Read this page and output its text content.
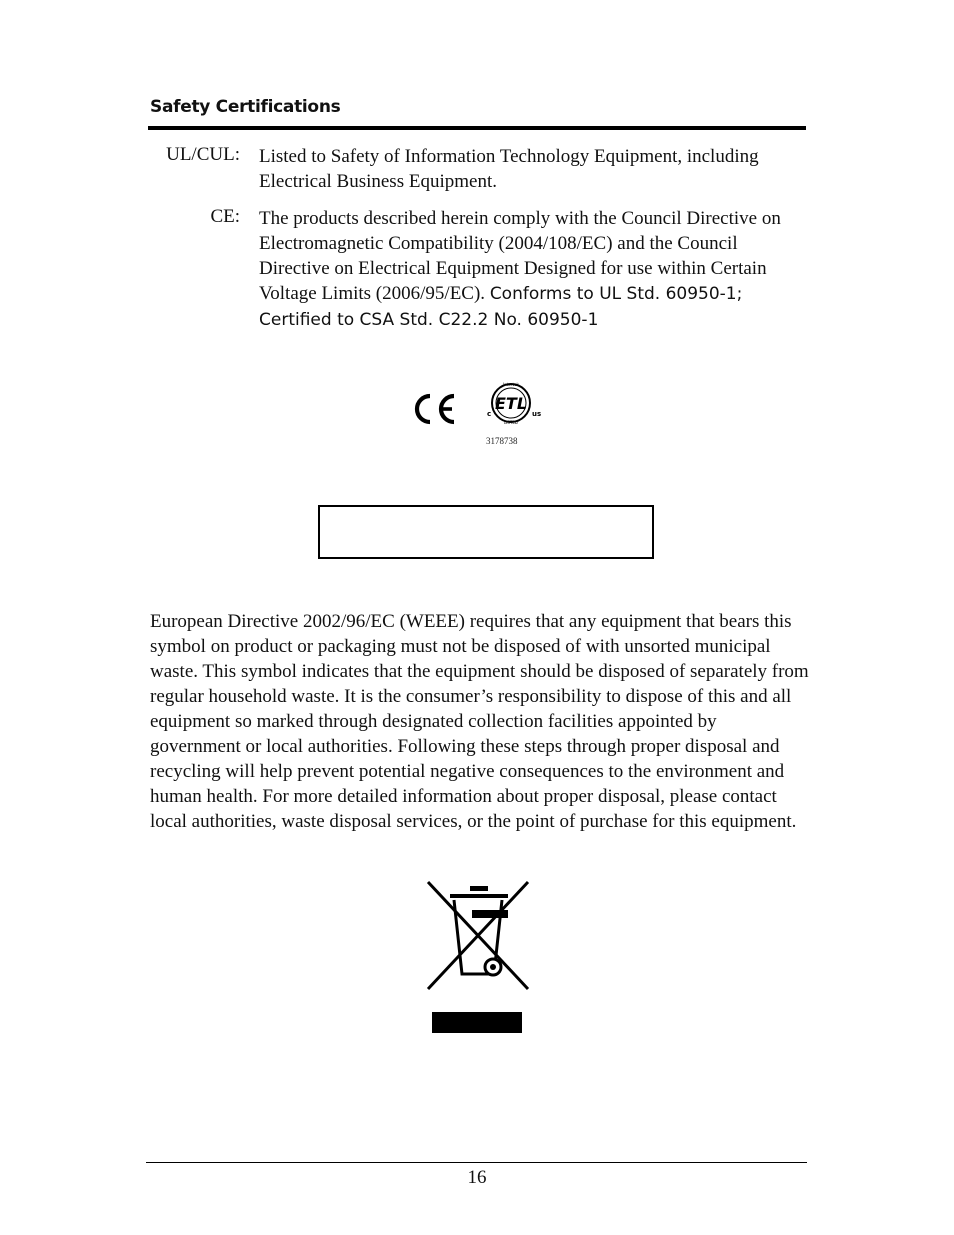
Safety Certifications
UL/CUL: Listed to Safety of Information Technology Equipment, including Electrical Business Equipment.
CE: The products described herein comply with the Council Directive on Electromagnetic Compatibility (2004/108/EC) and the Council Directive on Electrical Equipment Designed for use within Certain Voltage Limits (2006/95/EC). Conforms to UL Std. 60950-1; Certified to CSA Std. C22.2 No. 60950-1
Intertek
LISTED
ETL
c	us
3178738
European Directive 2002/96/EC (WEEE) requires that any equipment that bears this symbol on product or packaging must not be disposed of with unsorted municipal waste. This symbol indicates that the equipment should be disposed of separately from regular household waste. It is the consumer’s responsibility to dispose of this and all equipment so marked through designated collection facilities appointed by government or local authorities. Following these steps through proper disposal and recycling will help prevent potential negative consequences to the environment and human health. For more detailed information about proper disposal, please contact local authorities, waste disposal services, or the point of purchase for this equipment.
16
